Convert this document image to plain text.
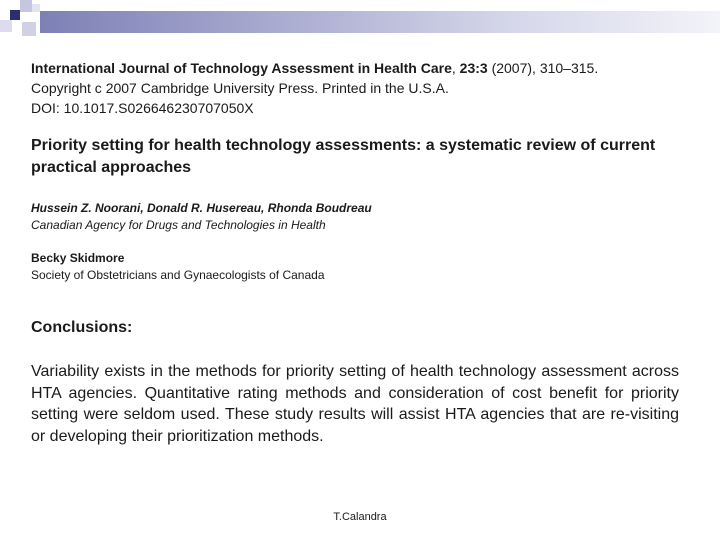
International Journal of Technology Assessment in Health Care, 23:3 (2007), 310–315.
Copyright c 2007 Cambridge University Press. Printed in the U.S.A.
DOI: 10.1017.S026646230707050X
Priority setting for health technology assessments: a systematic review of current practical approaches
Hussein Z. Noorani, Donald R. Husereau, Rhonda Boudreau
Canadian Agency for Drugs and Technologies in Health
Becky Skidmore
Society of Obstetricians and Gynaecologists of Canada
Conclusions:
Variability exists in the methods for priority setting of health technology assessment across HTA agencies. Quantitative rating methods and consideration of cost benefit for priority setting were seldom used. These study results will assist HTA agencies that are re-visiting or developing their prioritization methods.
T.Calandra
